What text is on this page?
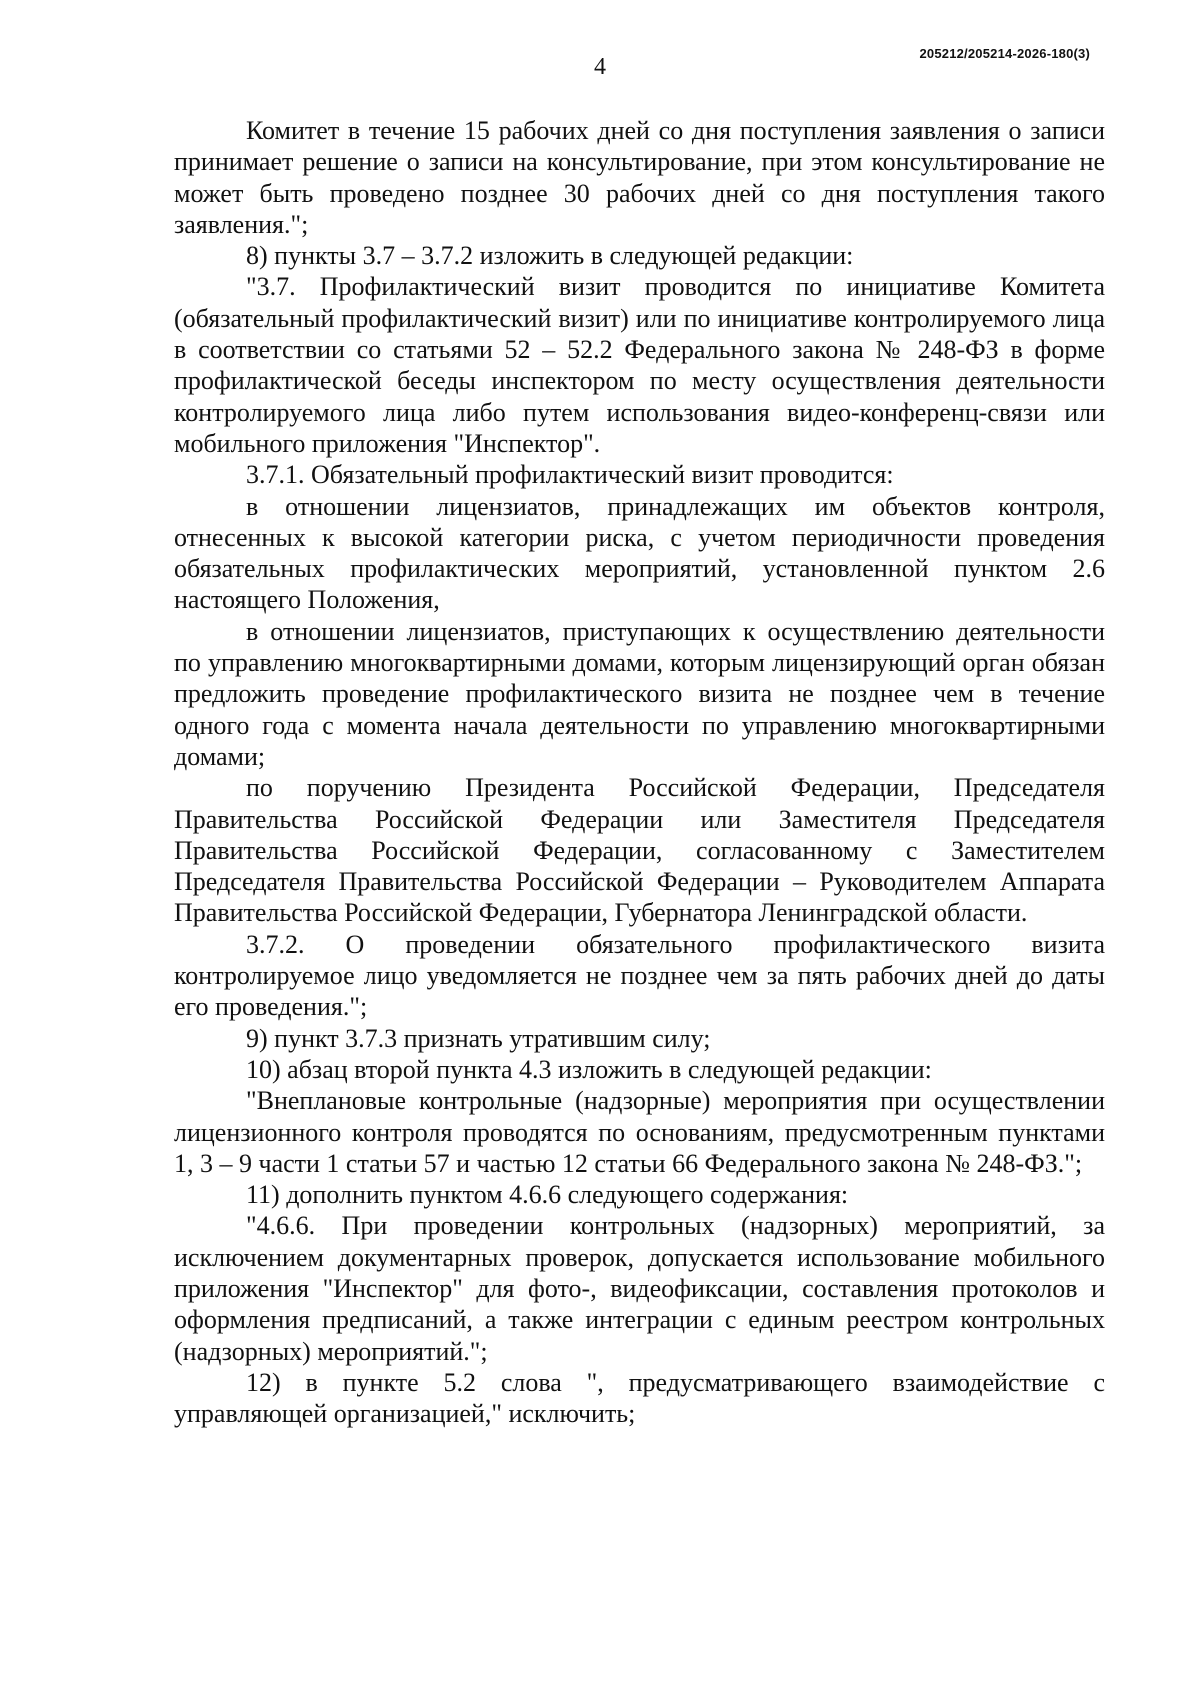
4
205212/205214-2026-180(3)

Комитет в течение 15 рабочих дней со дня поступления заявления о записи принимает решение о записи на консультирование, при этом консультирование не может быть проведено позднее 30 рабочих дней со дня поступления такого заявления.";

8) пункты 3.7 – 3.7.2 изложить в следующей редакции:

"3.7. Профилактический визит проводится по инициативе Комитета (обязательный профилактический визит) или по инициативе контролируемого лица в соответствии со статьями 52 – 52.2 Федерального закона № 248-ФЗ в форме профилактической беседы инспектором по месту осуществления деятельности контролируемого лица либо путем использования видео-конференц-связи или мобильного приложения "Инспектор".

3.7.1. Обязательный профилактический визит проводится:

в отношении лицензиатов, принадлежащих им объектов контроля, отнесенных к высокой категории риска, с учетом периодичности проведения обязательных профилактических мероприятий, установленной пунктом 2.6 настоящего Положения,

в отношении лицензиатов, приступающих к осуществлению деятельности по управлению многоквартирными домами, которым лицензирующий орган обязан предложить проведение профилактического визита не позднее чем в течение одного года с момента начала деятельности по управлению многоквартирными домами;

по поручению Президента Российской Федерации, Председателя Правительства Российской Федерации или Заместителя Председателя Правительства Российской Федерации, согласованному с Заместителем Председателя Правительства Российской Федерации – Руководителем Аппарата Правительства Российской Федерации, Губернатора Ленинградской области.

3.7.2. О проведении обязательного профилактического визита контролируемое лицо уведомляется не позднее чем за пять рабочих дней до даты его проведения.";

9) пункт 3.7.3 признать утратившим силу;

10) абзац второй пункта 4.3 изложить в следующей редакции:

"Внеплановые контрольные (надзорные) мероприятия при осуществлении лицензионного контроля проводятся по основаниям, предусмотренным пунктами 1, 3 – 9 части 1 статьи 57 и частью 12 статьи 66 Федерального закона № 248-ФЗ.";

11) дополнить пунктом 4.6.6 следующего содержания:

"4.6.6. При проведении контрольных (надзорных) мероприятий, за исключением документарных проверок, допускается использование мобильного приложения "Инспектор" для фото-, видеофиксации, составления протоколов и оформления предписаний, а также интеграции с единым реестром контрольных (надзорных) мероприятий.";

12) в пункте 5.2 слова ", предусматривающего взаимодействие с управляющей организацией," исключить;
